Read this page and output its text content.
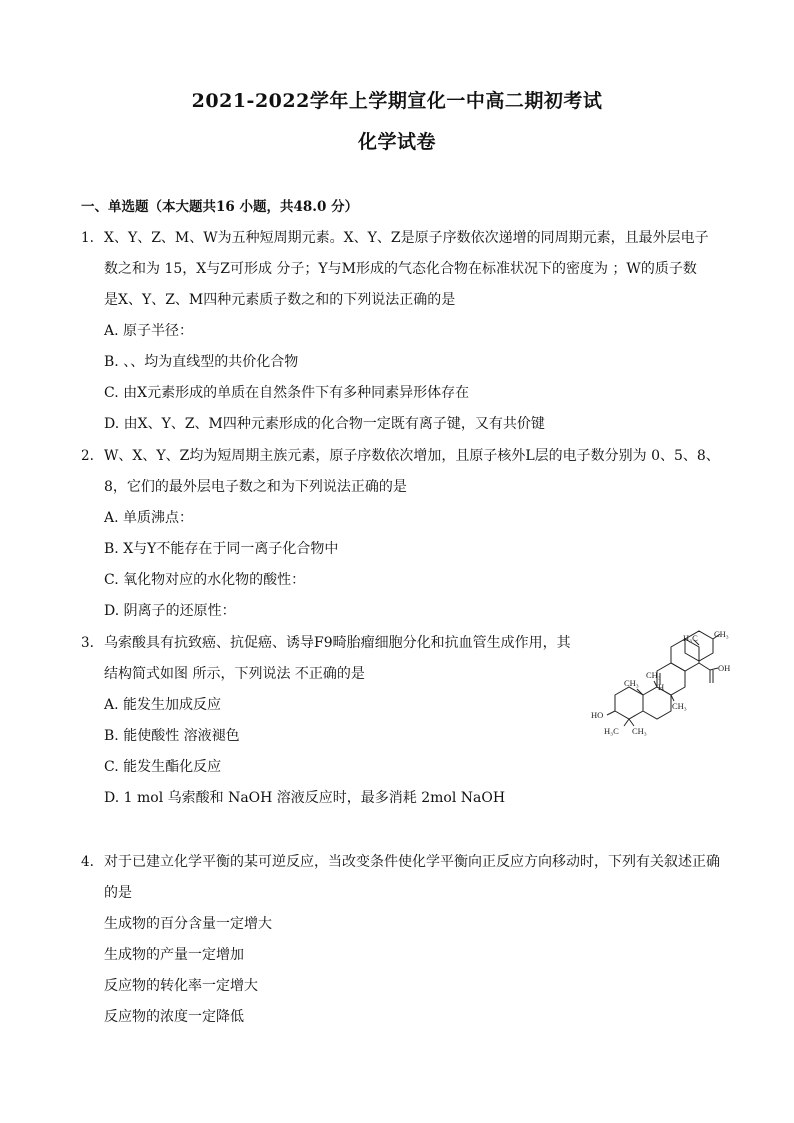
2021-2022学年上学期宣化一中高二期初考试
化学试卷
一、单选题（本大题共16 小题，共48.0 分）
1. X、Y、Z、M、W为五种短周期元素。X、Y、Z是原子序数依次递增的同周期元素，且最外层电子
数之和为 15，X与Z可形成 分子；Y与M形成的气态化合物在标准状况下的密度为 ；W的质子数
是X、Y、Z、M四种元素质子数之和的下列说法正确的是
A. 原子半径：
B. 、、均为直线型的共价化合物
C. 由X元素形成的单质在自然条件下有多种同素异形体存在
D. 由X、Y、Z、M四种元素形成的化合物一定既有离子键，又有共价键
2. W、X、Y、Z均为短周期主族元素，原子序数依次增加，且原子核外L层的电子数分别为 0、5、8、
8，它们的最外层电子数之和为下列说法正确的是
A. 单质沸点：
B. X与Y不能存在于同一离子化合物中
C. 氧化物对应的水化物的酸性：
D. 阴离子的还原性：
3. 乌索酸具有抗致癌、抗促癌、诱导F9畸胎瘤细胞分化和抗血管生成作用，其
结构简式如图 所示，下列说法 不正确的是
A. 能发生加成反应
B. 能使酸性 溶液褪色
C. 能发生酯化反应
D. 1 mol 乌索酸和 NaOH 溶液反应时，最多消耗 2mol NaOH
H₃C CH₃
OH
CH₃
CH₃
CH₃
H
HO
H₃C CH₃
4. 对于已建立化学平衡的某可逆反应，当改变条件使化学平衡向正反应方向移动时，下列有关叙述正确
的是
生成物的百分含量一定增大
生成物的产量一定增加
反应物的转化率一定增大
反应物的浓度一定降低
